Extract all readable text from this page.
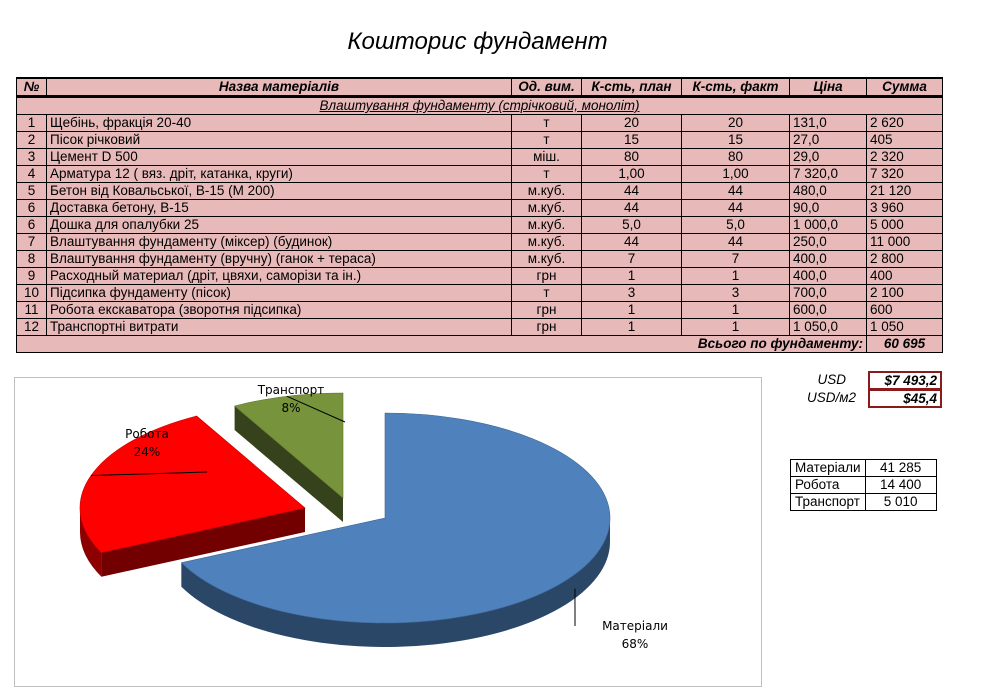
Кошторис фундамент
№	Назва матеріалів	Од. вим.	К-сть, план	К-сть, факт	Ціна	Сумма
Влаштування фундаменту (стрічковий, моноліт)						
1	Щебінь, фракція 20-40	т	20	20	131,0	2 620
2	Пісок річковий	т	15	15	27,0	405
3	Цемент D 500	міш.	80	80	29,0	2 320
4	Арматура 12 ( вяз. дріт, катанка, круги)	т	1,00	1,00	7 320,0	7 320
5	Бетон від Ковальської, В-15 (М 200)	м.куб.	44	44	480,0	21 120
6	Доставка бетону, В-15	м.куб.	44	44	90,0	3 960
6	Дошка для опалубки 25	м.куб.	5,0	5,0	1 000,0	5 000
7	Влаштування фундаменту (міксер) (будинок)	м.куб.	44	44	250,0	11 000
8	Влаштування фундаменту (вручну) (ганок + тераса)	м.куб.	7	7	400,0	2 800
9	Расходный материал (дріт, цвяхи, саморізи та ін.)	грн	1	1	400,0	400
10	Підсипка фундаменту (пісок)	т	3	3	700,0	2 100
11	Робота екскаватора (зворотня підсипка)	грн	1	1	600,0	600
12	Транспортні витрати	грн	1	1	1 050,0	1 050
Всього по фундаменту:						60 695
USD	$7 493,2
USD/м2	$45,4
Матеріали
68%
Робота
24%
Транспорт
8%
Матеріали	41 285
Робота	14 400
Транспорт	5 010
